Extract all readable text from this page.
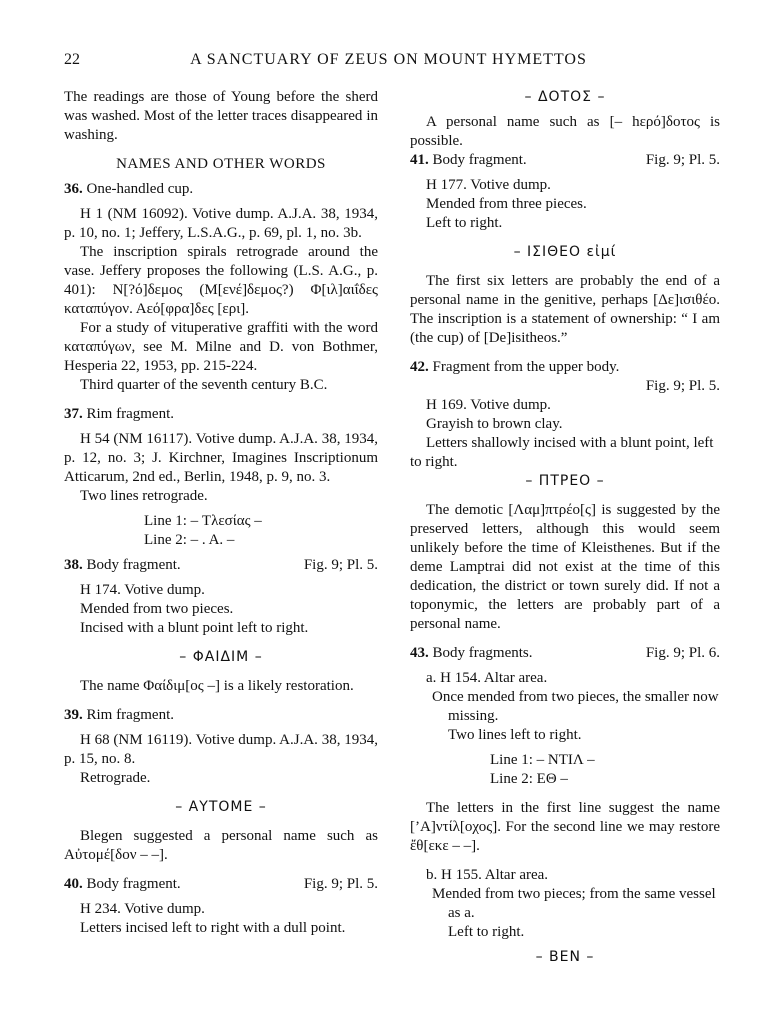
22	A SANCTUARY OF ZEUS ON MOUNT HYMETTOS

The readings are those of Young before the sherd was washed. Most of the letter traces disappeared in washing.

NAMES AND OTHER WORDS

36. One-handled cup.

H 1 (NM 16092). Votive dump. A.J.A. 38, 1934, p. 10, no. 1; Jeffery, L.S.A.G., p. 69, pl. 1, no. 3b.

The inscription spirals retrograde around the vase. Jeffery proposes the following (L.S. A.G., p. 401): Ν[?ό]δεμος (Μ[ενέ]δεμος?) Φ[ιλ]αιΐδες καταπύγον. Αεό[φρα]δες [ερι].

For a study of vituperative graffiti with the word καταπύγων, see M. Milne and D. von Bothmer, Hesperia 22, 1953, pp. 215-224.

Third quarter of the seventh century B.C.

37. Rim fragment.

H 54 (NM 16117). Votive dump. A.J.A. 38, 1934, p. 12, no. 3; J. Kirchner, Imagines Inscriptionum Atticarum, 2nd ed., Berlin, 1948, p. 9, no. 3.

Two lines retrograde.

Line 1: – Τλεσίας –

Line 2: – . A. –

38. Body fragment.	Fig. 9; Pl. 5.

H 174. Votive dump.

Mended from two pieces.

Incised with a blunt point left to right.

– ΦΑΙΔΙΜ –

The name Φαίδιμ[ος –] is a likely restoration.

39. Rim fragment.

H 68 (NM 16119). Votive dump. A.J.A. 38, 1934, p. 15, no. 8.

Retrograde.

– ΑΥΤΟΜΕ –

Blegen suggested a personal name such as Αὐτομέ[δον – –].

40. Body fragment.	Fig. 9; Pl. 5.

H 234. Votive dump.

Letters incised left to right with a dull point.

– ΔΟΤΟΣ –

A personal name such as [– hερό]δοτος is possible.

41. Body fragment.	Fig. 9; Pl. 5.

H 177. Votive dump.

Mended from three pieces.

Left to right.

– ΙΣΙΘΕΟ εἰμί

The first six letters are probably the end of a personal name in the genitive, perhaps [Δε]ισιθέο. The inscription is a statement of ownership: “ I am (the cup) of [De]isitheos.”

42. Fragment from the upper body.

Fig. 9; Pl. 5.

H 169. Votive dump.

Grayish to brown clay.

Letters shallowly incised with a blunt point, left to right.

– ΠΤΡΕΟ –

The demotic [Λαμ]πτρέο[ς] is suggested by the preserved letters, although this would seem unlikely before the time of Kleisthenes. But if the deme Lamptrai did not exist at the time of this dedication, the district or town surely did. If not a toponymic, the letters are probably part of a personal name.

43. Body fragments.	Fig. 9; Pl. 6.

a. H 154. Altar area.

Once mended from two pieces, the smaller now missing.

Two lines left to right.

Line 1: – ΝΤΙΛ –

Line 2: ΕΘ –

The letters in the first line suggest the name [’Α]ντίλ[οχος]. For the second line we may restore ἔθ[εκε – –].

b. H 155. Altar area.

Mended from two pieces; from the same vessel as a.

Left to right.

– ΒΕΝ –
